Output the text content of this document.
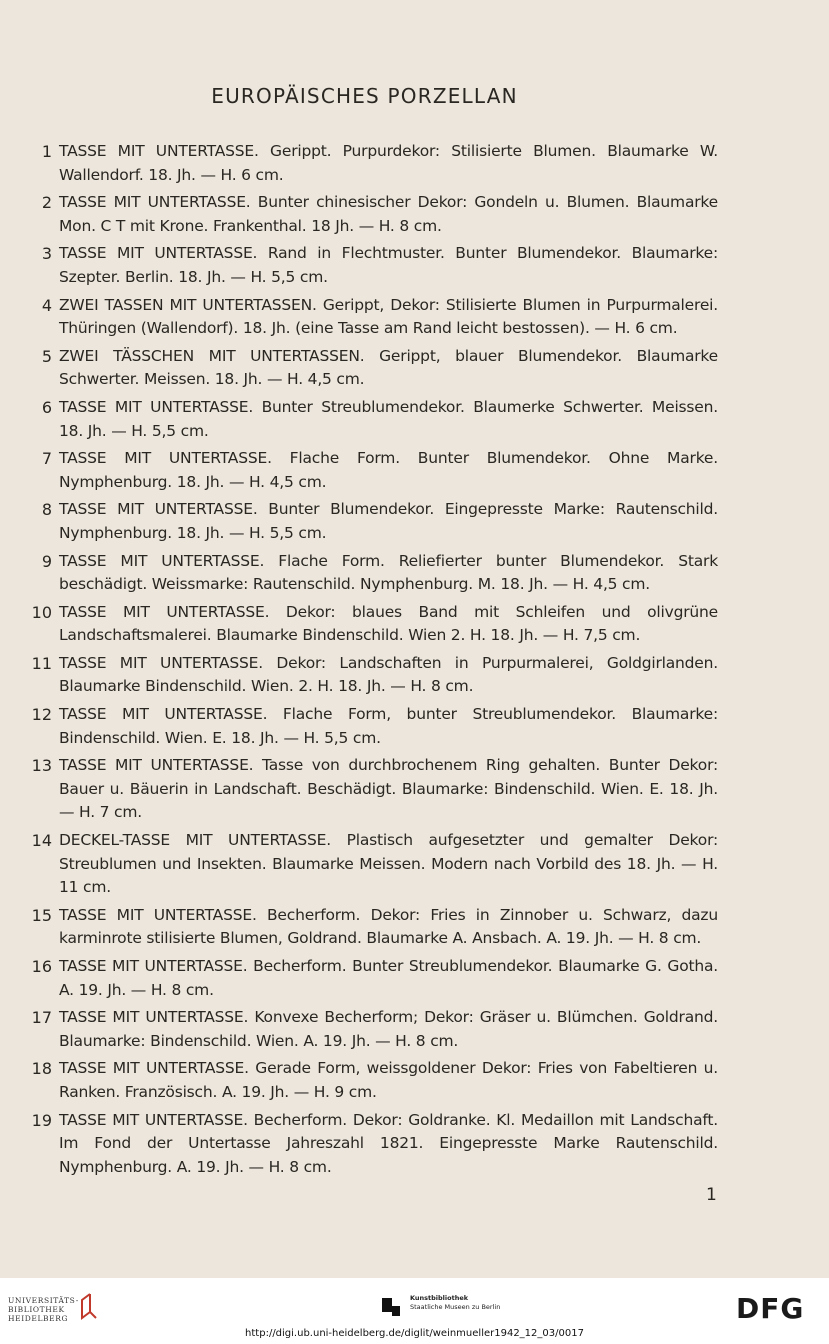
EUROPÄISCHES PORZELLAN
1 TASSE MIT UNTERTASSE. Gerippt. Purpurdekor: Stilisierte Blumen. Blaumarke W. Wallendorf. 18. Jh. — H. 6 cm.
2 TASSE MIT UNTERTASSE. Bunter chinesischer Dekor: Gondeln u. Blumen. Blaumarke Mon. C T mit Krone. Frankenthal. 18 Jh. — H. 8 cm.
3 TASSE MIT UNTERTASSE. Rand in Flechtmuster. Bunter Blumendekor. Blaumarke: Szepter. Berlin. 18. Jh. — H. 5,5 cm.
4 ZWEI TASSEN MIT UNTERTASSEN. Gerippt, Dekor: Stilisierte Blumen in Purpurmalerei. Thüringen (Wallendorf). 18. Jh. (eine Tasse am Rand leicht bestossen). — H. 6 cm.
5 ZWEI TÄSSCHEN MIT UNTERTASSEN. Gerippt, blauer Blumendekor. Blaumarke Schwerter. Meissen. 18. Jh. — H. 4,5 cm.
6 TASSE MIT UNTERTASSE. Bunter Streublumendekor. Blaumerke Schwerter. Meissen. 18. Jh. — H. 5,5 cm.
7 TASSE MIT UNTERTASSE. Flache Form. Bunter Blumendekor. Ohne Marke. Nymphenburg. 18. Jh. — H. 4,5 cm.
8 TASSE MIT UNTERTASSE. Bunter Blumendekor. Eingepresste Marke: Rautenschild. Nymphenburg. 18. Jh. — H. 5,5 cm.
9 TASSE MIT UNTERTASSE. Flache Form. Reliefierter bunter Blumendekor. Stark beschädigt. Weissmarke: Rautenschild. Nymphenburg. M. 18. Jh. — H. 4,5 cm.
10 TASSE MIT UNTERTASSE. Dekor: blaues Band mit Schleifen und olivgrüne Landschaftsmalerei. Blaumarke Bindenschild. Wien 2. H. 18. Jh. — H. 7,5 cm.
11 TASSE MIT UNTERTASSE. Dekor: Landschaften in Purpurmalerei, Goldgirlanden. Blaumarke Bindenschild. Wien. 2. H. 18. Jh. — H. 8 cm.
12 TASSE MIT UNTERTASSE. Flache Form, bunter Streublumendekor. Blaumarke: Bindenschild. Wien. E. 18. Jh. — H. 5,5 cm.
13 TASSE MIT UNTERTASSE. Tasse von durchbrochenem Ring gehalten. Bunter Dekor: Bauer u. Bäuerin in Landschaft. Beschädigt. Blaumarke: Bindenschild. Wien. E. 18. Jh. — H. 7 cm.
14 DECKEL-TASSE MIT UNTERTASSE. Plastisch aufgesetzter und gemalter Dekor: Streublumen und Insekten. Blaumarke Meissen. Modern nach Vorbild des 18. Jh. — H. 11 cm.
15 TASSE MIT UNTERTASSE. Becherform. Dekor: Fries in Zinnober u. Schwarz, dazu karminrote stilisierte Blumen, Goldrand. Blaumarke A. Ansbach. A. 19. Jh. — H. 8 cm.
16 TASSE MIT UNTERTASSE. Becherform. Bunter Streublumendekor. Blaumarke G. Gotha. A. 19. Jh. — H. 8 cm.
17 TASSE MIT UNTERTASSE. Konvexe Becherform; Dekor: Gräser u. Blümchen. Goldrand. Blaumarke: Bindenschild. Wien. A. 19. Jh. — H. 8 cm.
18 TASSE MIT UNTERTASSE. Gerade Form, weissgoldener Dekor: Fries von Fabeltieren u. Ranken. Französisch. A. 19. Jh. — H. 9 cm.
19 TASSE MIT UNTERTASSE. Becherform. Dekor: Goldranke. Kl. Medaillon mit Landschaft. Im Fond der Untertasse Jahreszahl 1821. Eingepresste Marke Rautenschild. Nymphenburg. A. 19. Jh. — H. 8 cm.
1
UNIVERSITÄTS-
BIBLIOTHEK
HEIDELBERG
Kunstbibliothek
Staatliche Museen zu Berlin	DFG
http://digi.ub.uni-heidelberg.de/diglit/weinmueller1942_12_03/0017
